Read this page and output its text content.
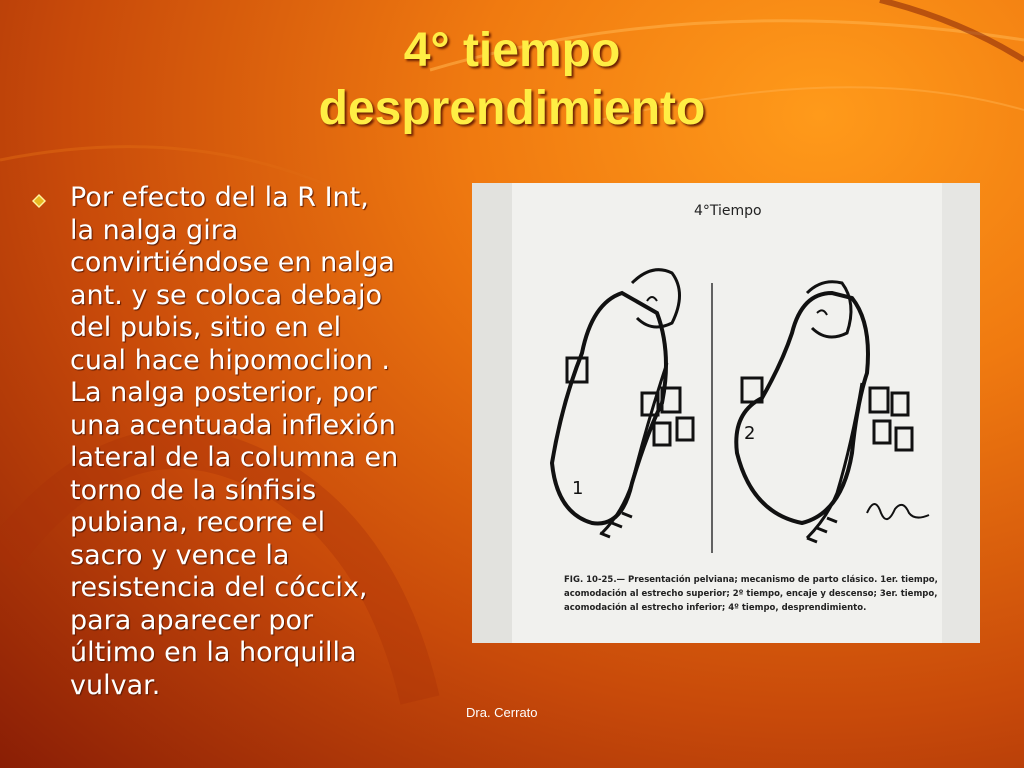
4° tiempo
desprendimiento
Por efecto del la R Int,
la nalga gira
convirtiéndose en nalga
ant. y se coloca debajo
del pubis, sitio en el
cual hace hipomoclion .
La nalga posterior, por
una acentuada inflexión
lateral de la columna en
torno de la sínfisis
pubiana, recorre el
sacro y vence la
resistencia del cóccix,
para aparecer por
último en la horquilla
vulvar.
4°Tiempo
1
2
FIG. 10-25.— Presentación pelviana; mecanismo de parto clásico. 1er. tiempo, acomodación al estrecho superior; 2º tiempo, encaje y descenso; 3er. tiempo, acomodación al estrecho inferior; 4º tiempo, desprendimiento.
Dra. Cerrato
